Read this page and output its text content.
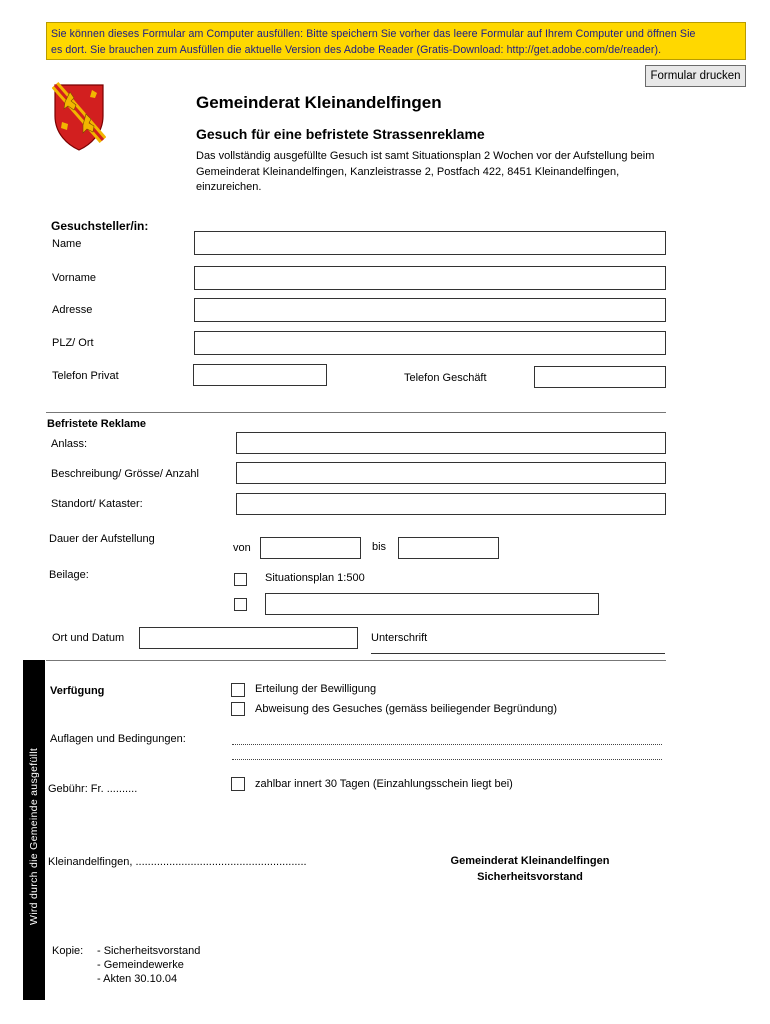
Sie können dieses Formular am Computer ausfüllen: Bitte speichern Sie vorher das leere Formular auf Ihrem Computer und öffnen Sie
es dort. Sie brauchen zum Ausfüllen die aktuelle Version des Adobe Reader (Gratis-Download: http://get.adobe.com/de/reader).
Formular drucken
Gemeinderat Kleinandelfingen
Gesuch für eine befristete Strassenreklame
Das vollständig ausgefüllte Gesuch ist samt Situationsplan 2 Wochen vor der Aufstellung beim Gemeinderat Kleinandelfingen, Kanzleistrasse 2, Postfach 422, 8451 Kleinandelfingen, einzureichen.
Gesuchsteller/in:
Name
Vorname
Adresse
PLZ/ Ort
Telefon Privat	Telefon Geschäft
Befristete Reklame
Anlass:
Beschreibung/ Grösse/ Anzahl
Standort/ Kataster:
Dauer der Aufstellung
von	bis
Beilage:	Situationsplan 1:500
Ort und Datum	Unterschrift
Wird durch die Gemeinde ausgefüllt
Verfügung	Erteilung der Bewilligung
Abweisung des Gesuches (gemäss beiliegender Begründung)
Auflagen und Bedingungen:
Gebühr: Fr. ..........	zahlbar innert 30 Tagen (Einzahlungsschein liegt bei)
Kleinandelfingen, ........................................................	Gemeinderat Kleinandelfingen
Sicherheitsvorstand
Kopie: - Sicherheitsvorstand
- Gemeindewerke
- Akten 30.10.04
